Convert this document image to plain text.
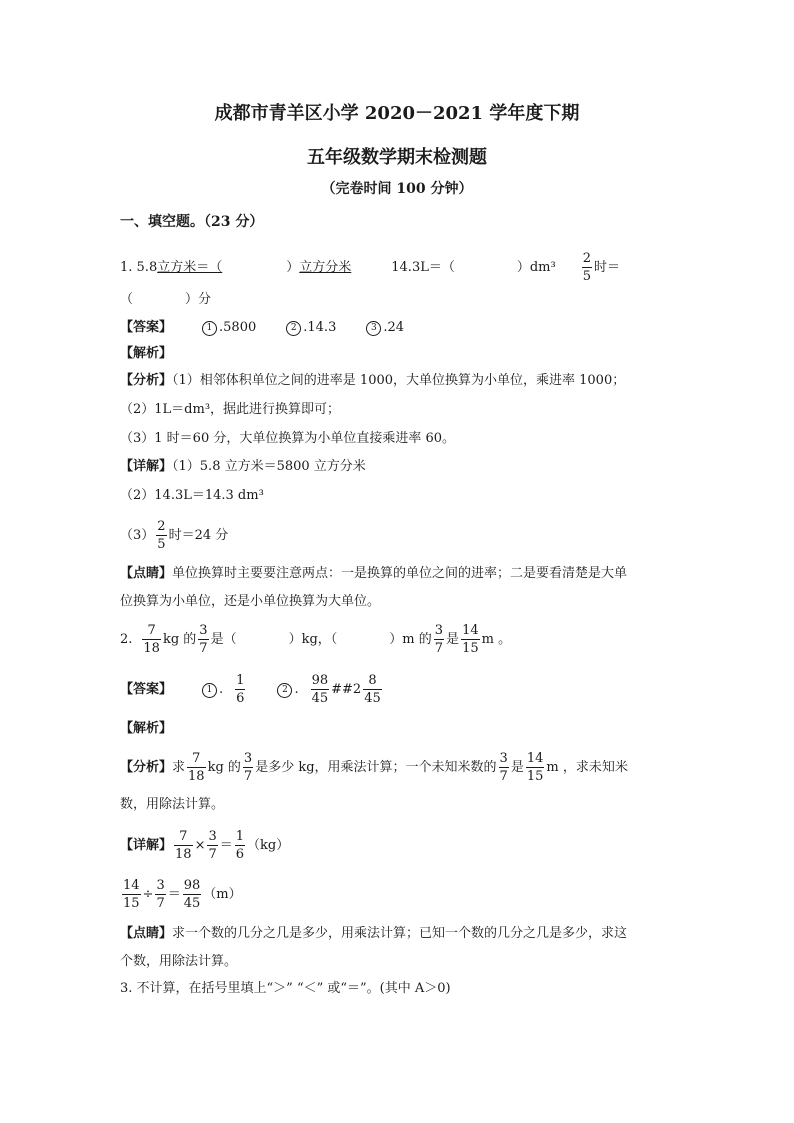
成都市青羊区小学 2020－2021 学年度下期
五年级数学期末检测题
（完卷时间 100 分钟）
一、填空题。（23 分）
1. 5.8立方米＝（	）立方分米	14.3L＝（	）$dm^3 \frac{2}{5}$ 时＝
（	）分
【答案】	1 .5800	2 .14.3	3 .24
【解析】
【分析】（1）相邻体积单位之间的进率是 1000，大单位换算为小单位，乘进率 1000；
（2）1L＝dm³，据此进行换算即可；
（3）1 时＝60 分，大单位换算为小单位直接乘进率 60。
【详解】（1）5.8 立方米＝5800 立方分米
（2）14.3L＝14.3 dm³
$(3) \frac{2}{5}$ 时＝24 分
【点睛】单位换算时主要要注意两点：一是换算的单位之间的进率；二是要看清楚是大单
位换算为小单位，还是小单位换算为大单位。
2. $\frac{7}{18}$ kg 的 $\frac{3}{7}$ 是（	）kg，（	）m 的 $\frac{3}{7}$ 是 $\frac{14}{15}$ m 。
【答案】	1 . $\frac{1}{6}$	2 . $\frac{98}{45}$ ##2 $\frac{8}{45}$
【解析】
【分析】求 $\frac{7}{18}$ kg 的 $\frac{3}{7}$ 是多少 kg，用乘法计算；一个未知米数的 $\frac{3}{7}$ 是 $\frac{14}{15}$ m ，求未知米
数，用除法计算。
【详解】 $\frac{7}{18} \times \frac{3}{7} = \frac{1}{6} (kg)$
$\frac{14}{15} \div \frac{3}{7} = \frac{98}{45} (m)$
【点睛】求一个数的几分之几是多少，用乘法计算；已知一个数的几分之几是多少，求这
个数，用除法计算。
3. 不计算，在括号里填上“＞” “＜” 或“＝”。(其中 A＞0)
